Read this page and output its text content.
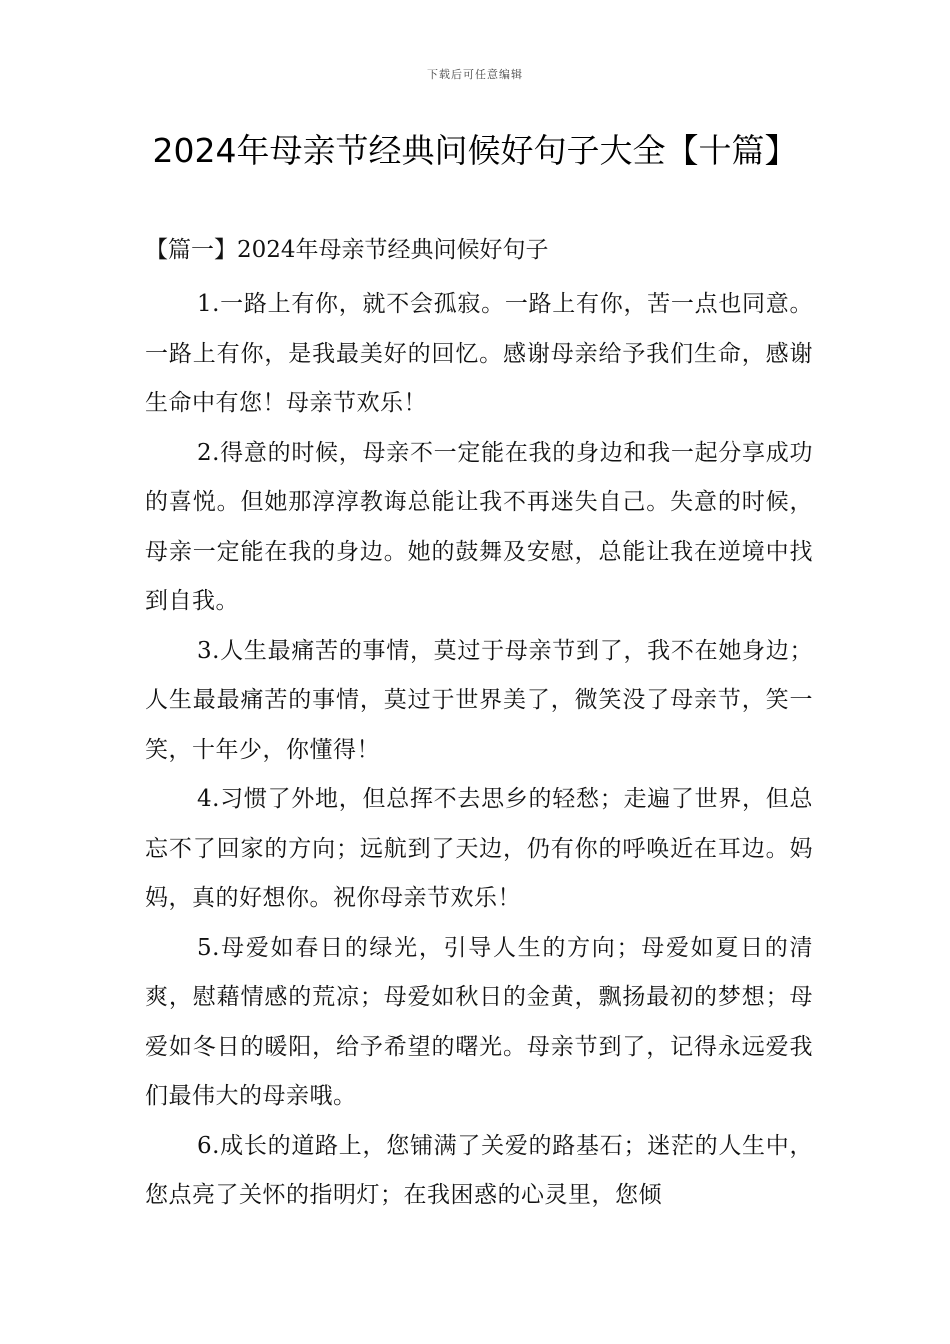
下载后可任意编辑
2024年母亲节经典问候好句子大全【十篇】
【篇一】2024年母亲节经典问候好句子

1.一路上有你，就不会孤寂。一路上有你，苦一点也同意。一路上有你，是我最美好的回忆。感谢母亲给予我们生命，感谢生命中有您！母亲节欢乐！

2.得意的时候，母亲不一定能在我的身边和我一起分享成功的喜悦。但她那淳淳教诲总能让我不再迷失自己。失意的时候，母亲一定能在我的身边。她的鼓舞及安慰，总能让我在逆境中找到自我。

3.人生最痛苦的事情，莫过于母亲节到了，我不在她身边；人生最最痛苦的事情，莫过于世界美了，微笑没了母亲节，笑一笑，十年少，你懂得！

4.习惯了外地，但总挥不去思乡的轻愁；走遍了世界，但总忘不了回家的方向；远航到了天边，仍有你的呼唤近在耳边。妈妈，真的好想你。祝你母亲节欢乐！

5.母爱如春日的绿光，引导人生的方向；母爱如夏日的清爽，慰藉情感的荒凉；母爱如秋日的金黄，飘扬最初的梦想；母爱如冬日的暖阳，给予希望的曙光。母亲节到了，记得永远爱我们最伟大的母亲哦。

6.成长的道路上，您铺满了关爱的路基石；迷茫的人生中，您点亮了关怀的指明灯；在我困惑的心灵里，您倾
